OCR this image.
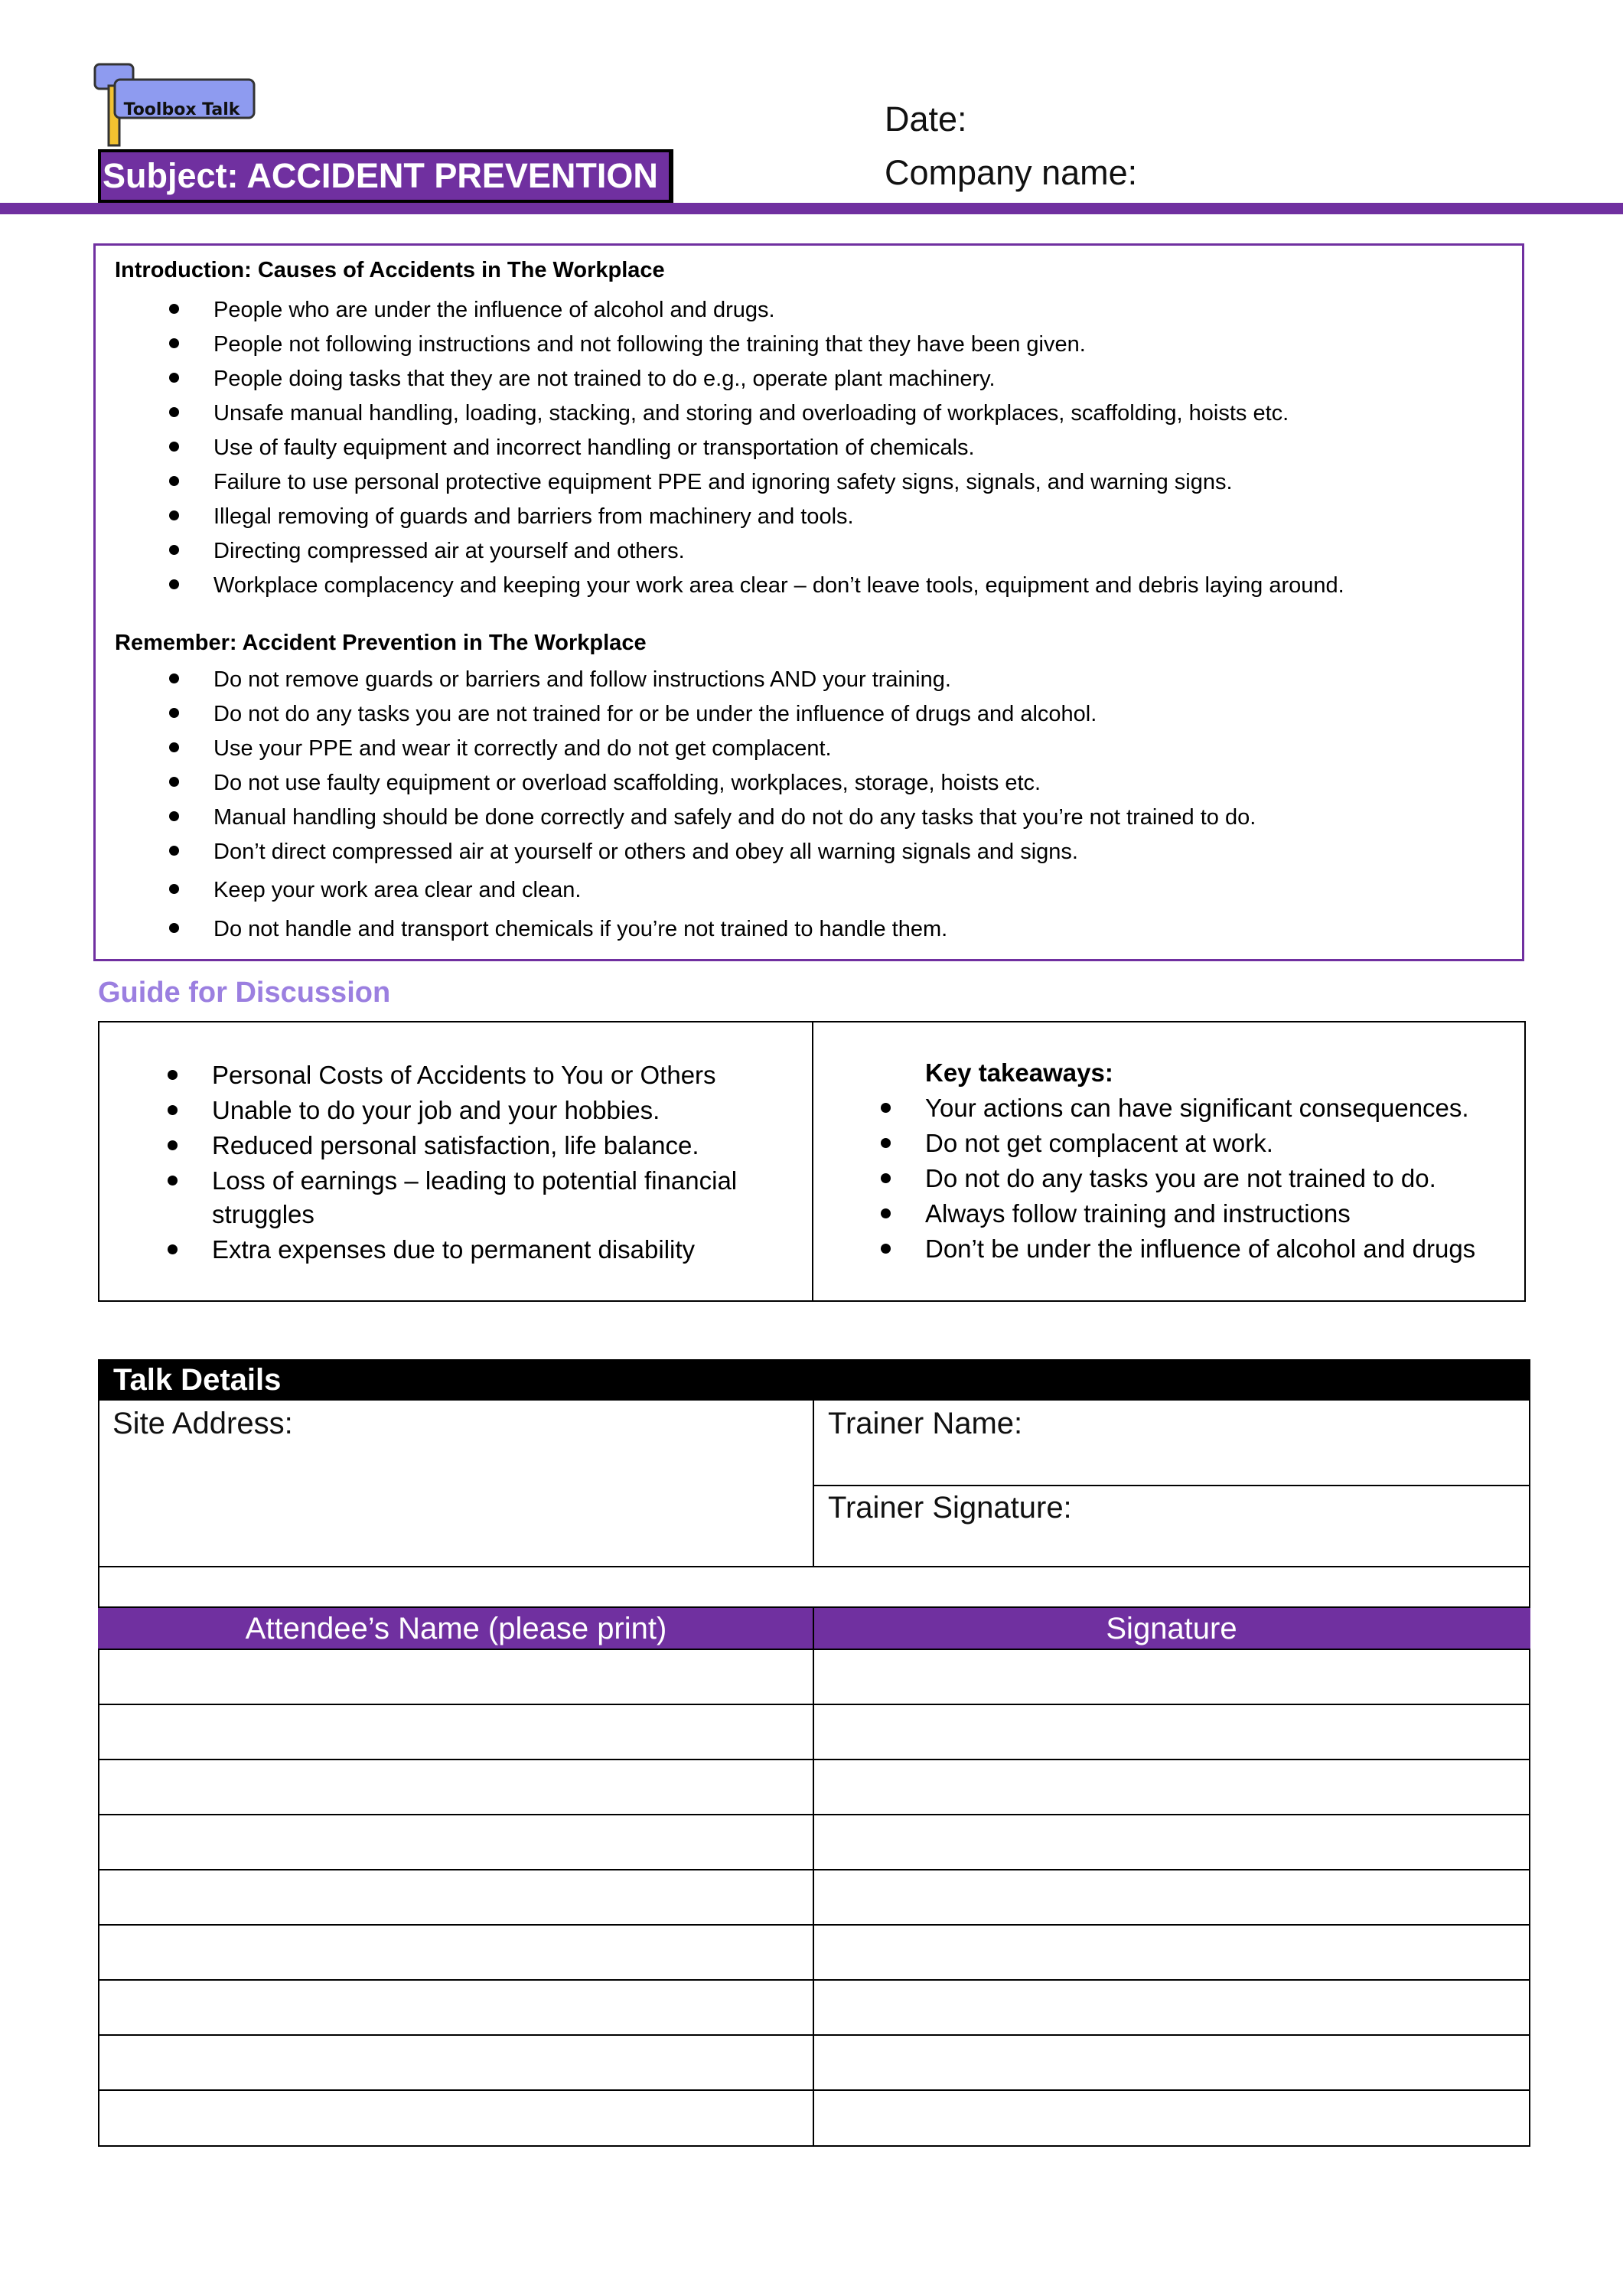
Toolbox Talk
Subject: ACCIDENT PREVENTION
Date:
Company name:
Introduction: Causes of Accidents in The Workplace
People who are under the influence of alcohol and drugs.
People not following instructions and not following the training that they have been given.
People doing tasks that they are not trained to do e.g., operate plant machinery.
Unsafe manual handling, loading, stacking, and storing and overloading of workplaces, scaffolding, hoists etc.
Use of faulty equipment and incorrect handling or transportation of chemicals.
Failure to use personal protective equipment PPE and ignoring safety signs, signals, and warning signs.
Illegal removing of guards and barriers from machinery and tools.
Directing compressed air at yourself and others.
Workplace complacency and keeping your work area clear – don’t leave tools, equipment and debris laying around.
Remember: Accident Prevention in The Workplace
Do not remove guards or barriers and follow instructions AND your training.
Do not do any tasks you are not trained for or be under the influence of drugs and alcohol.
Use your PPE and wear it correctly and do not get complacent.
Do not use faulty equipment or overload scaffolding, workplaces, storage, hoists etc.
Manual handling should be done correctly and safely and do not do any tasks that you’re not trained to do.
Don’t direct compressed air at yourself or others and obey all warning signals and signs.
Keep your work area clear and clean.
Do not handle and transport chemicals if you’re not trained to handle them.
Guide for Discussion
Personal Costs of Accidents to You or Others
Unable to do your job and your hobbies.
Reduced personal satisfaction, life balance.
Loss of earnings – leading to potential financial
struggles
Extra expenses due to permanent disability
Key takeaways:
Your actions can have significant consequences.
Do not get complacent at work.
Do not do any tasks you are not trained to do.
Always follow training and instructions
Don’t be under the influence of alcohol and drugs
Talk Details
Site Address:	Trainer Name:
Trainer Signature:
Attendee’s Name (please print)	Signature
